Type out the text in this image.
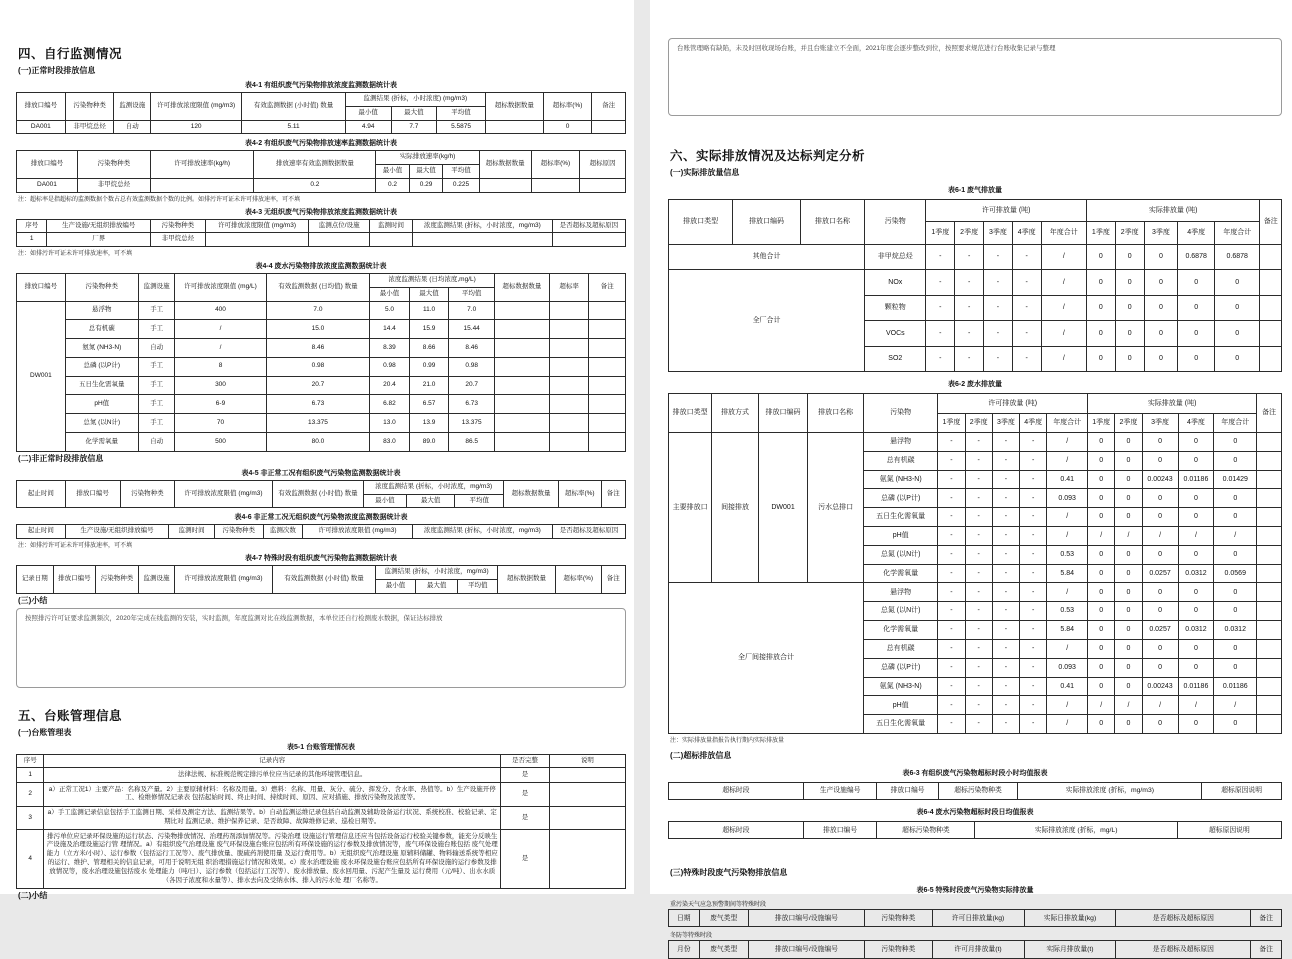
四、自行监测情况
(一)正常时段排放信息
表4-1 有组织废气污染物排放浓度监测数据统计表
排放口编号	污染物种类	监测设施	许可排放浓度限值 (mg/m3)	有效监测数据 (小时值) 数量	监测结果 (折标，小时浓度) (mg/m3)			超标数据数量	超标率(%)	备注
					最小值	最大值	平均值			
DA001	非甲烷总烃	自动	120	5.11	4.94	7.7	5.5875		0	
表4-2 有组织废气污染物排放速率监测数据统计表
排放口编号	污染物种类	许可排放速率(kg/h)	排放速率有效监测数据数量	实际排放速率(kg/h)			超标数据数量	超标率(%)	超标原因
				最小值	最大值	平均值			
DA001	非甲烷总烃		0.2	0.2	0.29	0.225			
注：超标率是指超标的监测数据个数占总有效监测数据个数的比例。如排污许可证未许可排放速率，可不填
表4-3 无组织废气污染物排放浓度监测数据统计表
序号	生产设施/无组织排放编号	污染物种类	许可排放浓度限值 (mg/m3)	监测点位/设施	监测时间	浓度监测结果 (折标，小时浓度，mg/m3)	是否超标及超标原因
1	厂界	非甲烷总烃					
注：如排污许可证未许可排放速率，可不填
表4-4 废水污染物排放浓度监测数据统计表
排放口编号	污染物种类	监测设施	许可排放浓度限值 (mg/L)	有效监测数据 (日均值) 数量	浓度监测结果 (日均浓度,mg/L)			超标数据数量	超标率	备注
					最小值	最大值	平均值			
DW001	悬浮物	手工	400	7.0	5.0	11.0	7.0			
	总有机碳	手工	/	15.0	14.4	15.9	15.44			
	氨氮 (NH3-N)	自动	/	8.46	8.39	8.66	8.46			
	总磷 (以P计)	手工	8	0.98	0.98	0.99	0.98			
	五日生化需氧量	手工	300	20.7	20.4	21.0	20.7			
	pH值	手工	6-9	6.73	6.82	6.57	6.73			
	总氮 (以N计)	手工	70	13.375	13.0	13.9	13.375			
	化学需氧量	自动	500	80.0	83.0	89.0	86.5			
(二)非正常时段排放信息
表4-5 非正常工况有组织废气污染物监测数据统计表
起止时间	排放口编号	污染物种类	许可排放浓度限值 (mg/m3)	有效监测数据 (小时值) 数量	浓度监测结果 (折标，小时浓度，mg/m3)			超标数据数量	超标率(%)	备注
					最小值	最大值	平均值			
表4-6 非正常工况无组织废气污染物浓度监测数据统计表
起止时间	生产设施/无组织排放编号	监测时间	污染物种类	监测次数	许可排放浓度限值 (mg/m3)	浓度监测结果 (折标，小时浓度，mg/m3)	是否超标及超标原因
注：如排污许可证未许可排放速率，可不填
表4-7 特殊时段有组织废气污染物监测数据统计表
记录日期	排放口编号	污染物种类	监测设施	许可排放浓度限值 (mg/m3)	有效监测数据 (小时值) 数量	监测结果 (折标，小时浓度，mg/m3)			超标数据数量	超标率(%)	备注
						最小值	最大值	平均值			
(三)小结
按照排污许可证要求监测频次，2020年完成在线监测的安装，实时监测，年度监测对比在线监测数据，本单位还自行检测废水数据，保证达标排放
五、台账管理信息
(一)台账管理表
表5-1 台账管理情况表
序号	记录内容	是否完整	说明
1	法律法规、标准规范规定排污单位应当记录的其他环境管理信息。	是	
2	a）正常工况1）主要产品：名称及产量。2）主要原辅材料：名称及用量。3）燃料：名称、用量、灰分、硫分、挥发分、含水率、热值等。b）生产设施开停工、检维修情况记录表 包括起始时间、终止时间、持续时间、原因、应对措施、排放污染物及浓度等。	是	
3	a）手工监测记录信息包括手工监测日期、采样及测定方法、监测结果等。b）自动监测运维记录包括自动监测及辅助设备运行状况、系统校准、校验记录、定期比对 监测记录、维护保养记录、是否故障、故障维修记录、巡检日期等。	是	
4	排污单位应记录环保设施的运行状态、污染物排放情况、治理药剂添加情况等。污染治理 设施运行管理信息还应当包括设备运行校验关键参数，能充分反映生产设施及治理设施运行管 理情况。a）有组织废气治理设施 废气环保设施台账应包括所有环保设施的运行参数及排放情况等，废气环保设施台账包括 废气处理能力（立方米/小时）、运行参数（包括运行工况等）、废气排放量、脱硫药剂使用量 及运行费用等。b）无组织废气治理设施 原辅料储罐、物料输送系统等相应的运行、维护、管理相关的信息记录，可用于说明无组 织治理措施运行情况和效果。c）废水治理设施 废水环保设施台账应包括所有环保设施的运行参数及排放情况等，废水治理设施包括废水 处理能力（吨/日）、运行参数（包括运行工况等）、废水排放量、废水回用量、污泥产生量及 运行费用（元/吨）、出水水质（各因子浓度和水量等）、排水去向及受纳水体、排入的污水处 理厂名称等。	是	
(二)小结
台账管理略有缺陷，未及时回收现场台账，并且台账建立不全面，2021年度会逐步整改到位，按照要求规范进行台账收集记录与整理
六、实际排放情况及达标判定分析
(一)实际排放量信息
表6-1 废气排放量
排放口类型	排放口编码	排放口名称	污染物	许可排放量 (吨)					实际排放量 (吨)					备注
				1季度	2季度	3季度	4季度	年度合计	1季度	2季度	3季度	4季度	年度合计	
其他合计			非甲烷总烃	-	-	-	-	/	0	0	0	0.6878	0.6878	
全厂合计			NOx	-	-	-	-	/	0	0	0	0	0	
			颗粒物	-	-	-	-	/	0	0	0	0	0	
			VOCs	-	-	-	-	/	0	0	0	0	0	
			SO2	-	-	-	-	/	0	0	0	0	0	
表6-2 废水排放量
排放口类型	排放方式	排放口编码	排放口名称	污染物	许可排放量 (吨)					实际排放量 (吨)					备注
					1季度	2季度	3季度	4季度	年度合计	1季度	2季度	3季度	4季度	年度合计	
主要排放口	间接排放	DW001	污水总排口	悬浮物	-	-	-	-	/	0	0	0	0	0	
				总有机碳	-	-	-	-	/	0	0	0	0	0	
				氨氮 (NH3-N)	-	-	-	-	0.41	0	0	0.00243	0.01186	0.01429	
				总磷 (以P计)	-	-	-	-	0.093	0	0	0	0	0	
				五日生化需氧量	-	-	-	-	/	0	0	0	0	0	
				pH值	-	-	-	-	/	/	/	/	/	/	
				总氮 (以N计)	-	-	-	-	0.53	0	0	0	0	0	
				化学需氧量	-	-	-	-	5.84	0	0	0.0257	0.0312	0.0569	
全厂间接排放合计				悬浮物	-	-	-	-	/	0	0	0	0	0	
				总氮 (以N计)	-	-	-	-	0.53	0	0	0	0	0	
				化学需氧量	-	-	-	-	5.84	0	0	0.0257	0.0312	0.0312	
				总有机碳	-	-	-	-	/	0	0	0	0	0	
				总磷 (以P计)	-	-	-	-	0.093	0	0	0	0	0	
				氨氮 (NH3-N)	-	-	-	-	0.41	0	0	0.00243	0.01186	0.01186	
				pH值	-	-	-	-	/	/	/	/	/	/	
				五日生化需氧量	-	-	-	-	/	0	0	0	0	0	
注：实际排放量指报告执行期内实际排放量
(二)超标排放信息
表6-3 有组织废气污染物超标时段小时均值报表
超标时段	生产设施编号	排放口编号	超标污染物种类	实际排放浓度 (折标，mg/m3)	超标原因说明
表6-4 废水污染物超标时段日均值报表
超标时段	排放口编号	超标污染物种类	实际排放浓度 (折标，mg/L)	超标原因说明
(三)特殊时段废气污染物排放信息
表6-5 特殊时段废气污染物实际排放量
重污染天气应急预警期间等特殊时段
日期	废气类型	排放口编号/设施编号	污染物种类	许可日排放量(kg)	实际日排放量(kg)	是否超标及超标原因	备注
冬防等特殊时段
月份	废气类型	排放口编号/设施编号	污染物种类	许可月排放量(t)	实际月排放量(t)	是否超标及超标原因	备注
